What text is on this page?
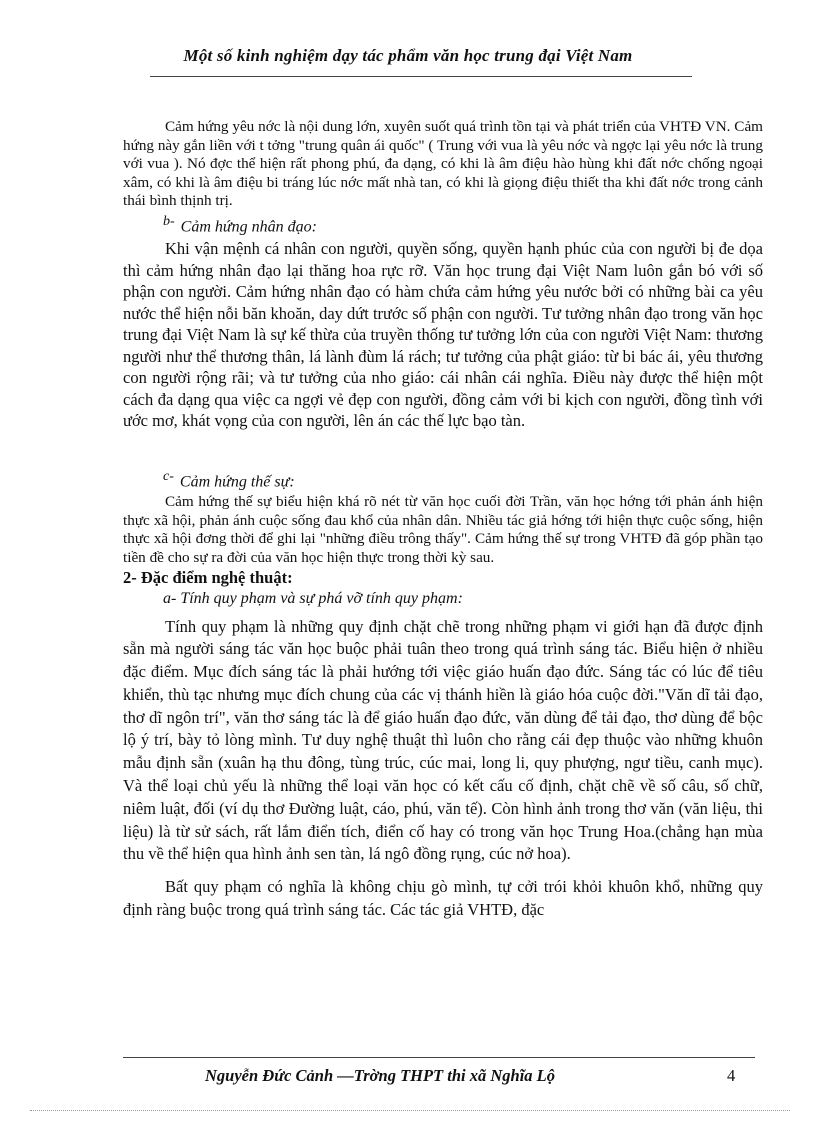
Một số kinh nghiệm dạy tác phẩm văn học trung đại Việt Nam

Cảm hứng yêu nớc là nội dung lớn, xuyên suốt quá trình tồn tại và phát triển của VHTĐ VN. Cảm hứng này gắn liền với t tởng "trung quân ái quốc" ( Trung với vua là yêu nớc và ngợc lại yêu nớc là trung với vua ). Nó đợc thể hiện rất phong phú, đa dạng, có khi là âm điệu hào hùng khi đất nớc chống ngoại xâm, có khi là âm điệu bi tráng lúc nớc mất nhà tan, có khi là giọng điệu thiết tha khi đất nớc trong cảnh thái bình thịnh trị.

b- Cảm hứng nhân đạo:

Khi vận mệnh cá nhân con người, quyền sống, quyền hạnh phúc của con người bị đe dọa thì cảm hứng nhân đạo lại thăng hoa rực rỡ. Văn học trung đại Việt Nam luôn gắn bó với số phận con người. Cảm hứng nhân đạo có hàm chứa cảm hứng yêu nước bởi có những bài ca yêu nước thể hiện nỗi băn khoăn, day dứt trước số phận con người. Tư tưởng nhân đạo trong văn học trung đại Việt Nam là sự kế thừa của truyền thống tư tưởng lớn của con người Việt Nam: thương người như thể thương thân, lá lành đùm lá rách; tư tưởng của phật giáo: từ bi bác ái, yêu thương con người rộng rãi; và tư tưởng của nho giáo: cái nhân cái nghĩa. Điều này được thể hiện một cách đa dạng qua việc ca ngợi vẻ đẹp con người, đồng cảm với bi kịch con người, đồng tình với ước mơ, khát vọng của con người, lên án các thế lực bạo tàn.

c- Cảm hứng thế sự:

Cảm hứng thế sự biểu hiện khá rõ nét từ văn học cuối đời Trần, văn học hớng tới phản ánh hiện thực xã hội, phản ánh cuộc sống đau khổ của nhân dân. Nhiều tác giả hớng tới hiện thực cuộc sống, hiện thực xã hội đơng thời để ghi lại "những điều trông thấy". Cảm hứng thế sự trong VHTĐ đã góp phần tạo tiền đề cho sự ra đời của văn học hiện thực trong thời kỳ sau.

2- Đặc điểm nghệ thuật:

a- Tính quy phạm và sự phá vỡ tính quy phạm:

Tính quy phạm là những quy định chặt chẽ trong những phạm vi giới hạn đã được định sẵn mà người sáng tác văn học buộc phải tuân theo trong quá trình sáng tác. Biểu hiện ở nhiều đặc điểm. Mục đích sáng tác là phải hướng tới việc giáo huấn đạo đức. Sáng tác có lúc để tiêu khiển, thù tạc nhưng mục đích chung của các vị thánh hiền là giáo hóa cuộc đời."Văn dĩ tải đạo, thơ dĩ ngôn trí", văn thơ sáng tác là để giáo huấn đạo đức, văn dùng để tải đạo, thơ dùng để bộc lộ ý trí, bày tỏ lòng mình. Tư duy nghệ thuật thì luôn cho rằng cái đẹp thuộc vào những khuôn mẫu định sẵn (xuân hạ thu đông, tùng trúc, cúc mai, long li, quy phượng, ngư tiều, canh mục). Và thể loại chủ yếu là những thể loại văn học có kết cấu cố định, chặt chẽ về số câu, số chữ, niêm luật, đối (ví dụ thơ Đường luật, cáo, phú, văn tế). Còn hình ảnh trong thơ văn (văn liệu, thi liệu) là từ sử sách, rất lắm điển tích, điển cố hay có trong văn học Trung Hoa.(chẳng hạn mùa thu về thể hiện qua hình ảnh sen tàn, lá ngô đồng rụng, cúc nở hoa).

Bất quy phạm có nghĩa là không chịu gò mình, tự cởi trói khỏi khuôn khổ, những quy định ràng buộc trong quá trình sáng tác. Các tác giả VHTĐ, đặc

Nguyễn Đức Cảnh —Trờng THPT thi xã Nghĩa Lộ	4
